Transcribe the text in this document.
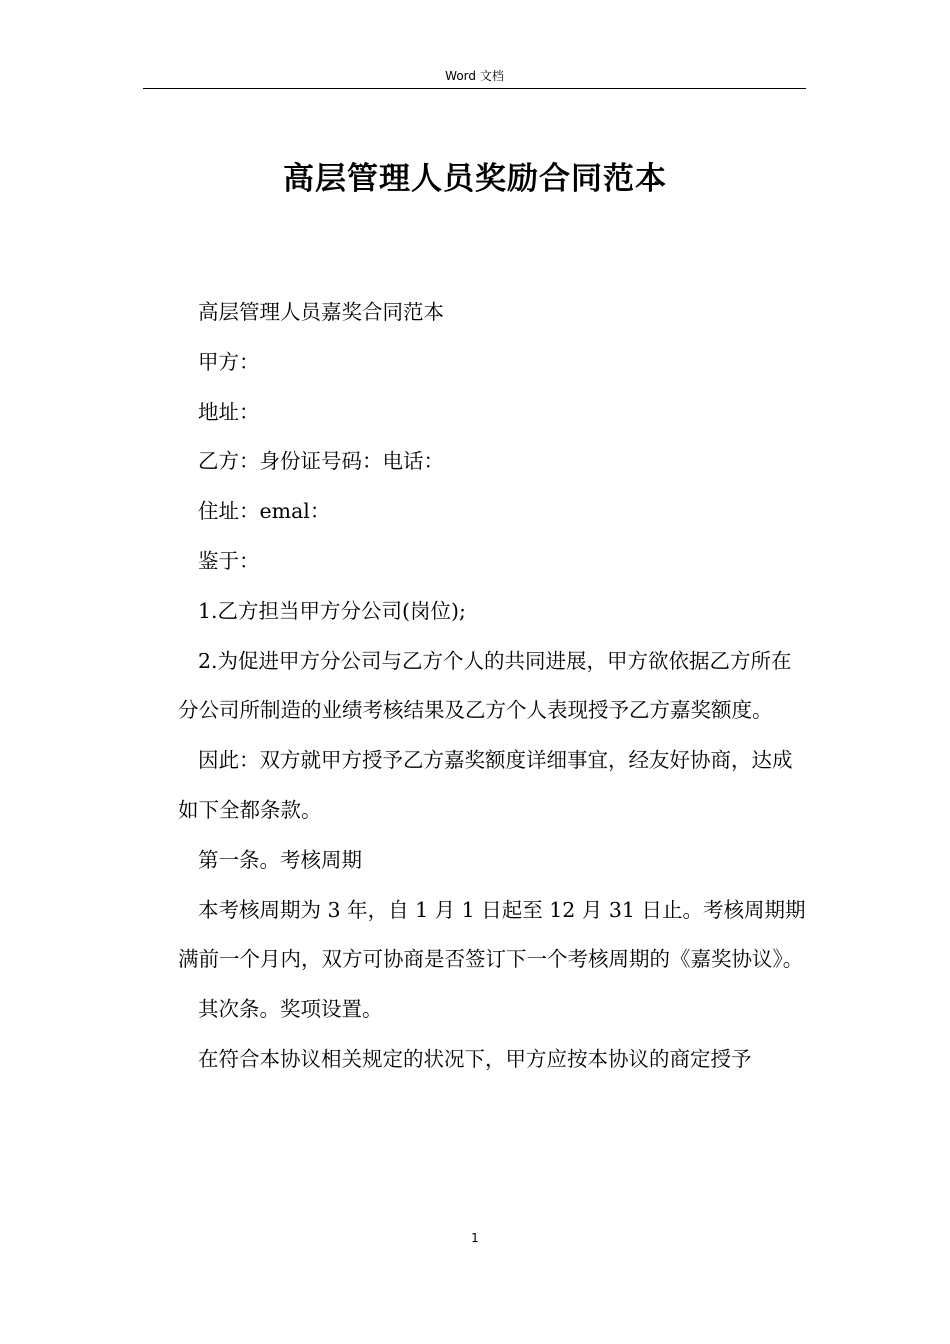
Word 文档
高层管理人员奖励合同范本

高层管理人员嘉奖合同范本

甲方：

地址：

乙方：身份证号码：电话：

住址：emal：

鉴于：

1.乙方担当甲方分公司(岗位);

2.为促进甲方分公司与乙方个人的共同进展，甲方欲依据乙方所在分公司所制造的业绩考核结果及乙方个人表现授予乙方嘉奖额度。

因此：双方就甲方授予乙方嘉奖额度详细事宜，经友好协商，达成如下全都条款。

第一条。考核周期

本考核周期为 3 年，自 1 月 1 日起至 12 月 31 日止。考核周期期满前一个月内，双方可协商是否签订下一个考核周期的《嘉奖协议》。

其次条。奖项设置。

在符合本协议相关规定的状况下，甲方应按本协议的商定授予

1
